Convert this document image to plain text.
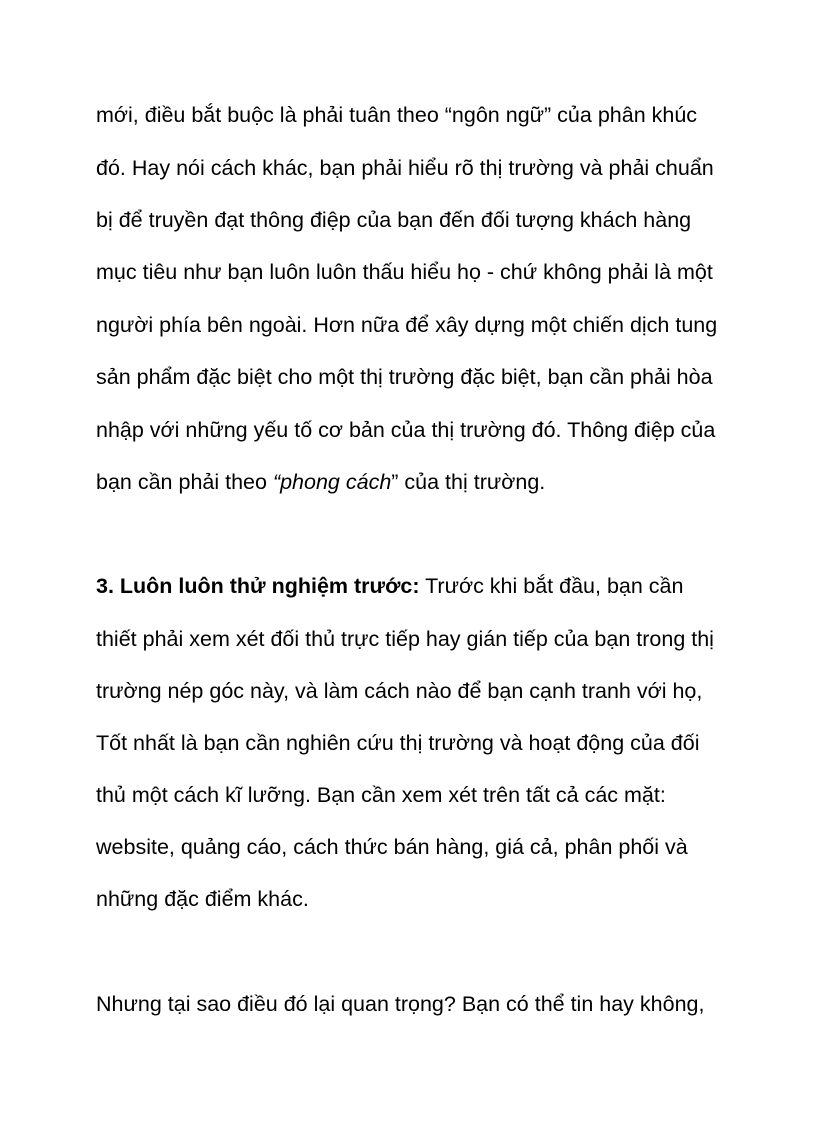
mới, điều bắt buộc là phải tuân theo “ngôn ngữ” của phân khúc

đó. Hay nói cách khác, bạn phải hiểu rõ thị trường và phải chuẩn

bị để truyền đạt thông điệp của bạn đến đối tượng khách hàng

mục tiêu như bạn luôn luôn thấu hiểu họ - chứ không phải là một

người phía bên ngoài. Hơn nữa để xây dựng một chiến dịch tung

sản phẩm đặc biệt cho một thị trường đặc biệt, bạn cần phải hòa

nhập với những yếu tố cơ bản của thị trường đó. Thông điệp của

bạn cần phải theo “phong cách” của thị trường.

3. Luôn luôn thử nghiệm trước: Trước khi bắt đầu, bạn cần

thiết phải xem xét đối thủ trực tiếp hay gián tiếp của bạn trong thị

trường nép góc này, và làm cách nào để bạn cạnh tranh với họ,

Tốt nhất là bạn cần nghiên cứu thị trường và hoạt động của đối

thủ một cách kĩ lưỡng. Bạn cần xem xét trên tất cả các mặt:

website, quảng cáo, cách thức bán hàng, giá cả, phân phối và

những đặc điểm khác.

Nhưng tại sao điều đó lại quan trọng? Bạn có thể tin hay không,
